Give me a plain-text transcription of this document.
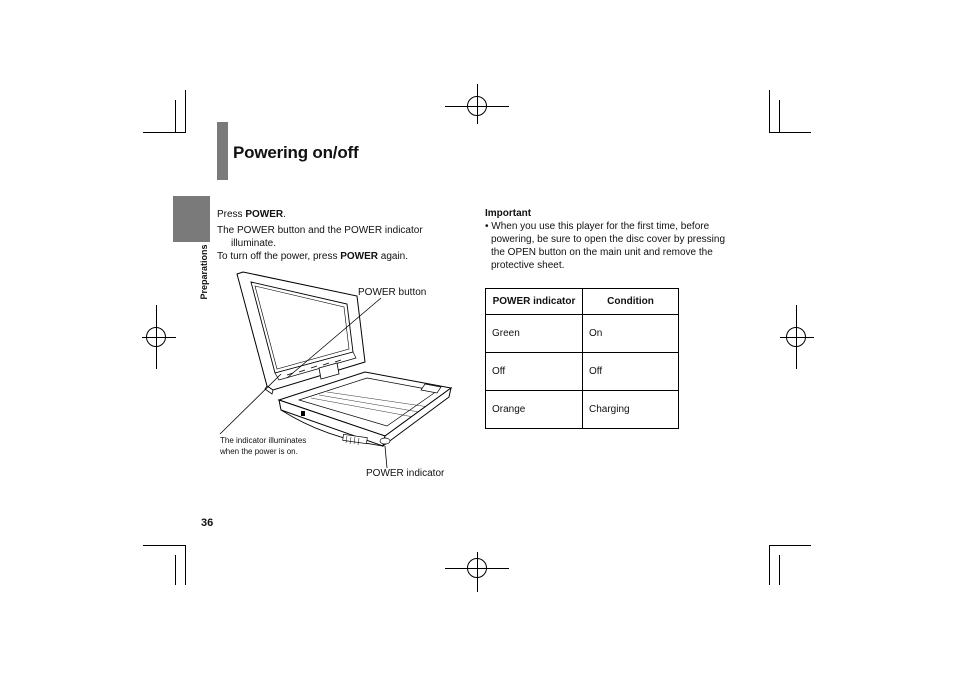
Powering on/off
Preparations
Press POWER.
The POWER button and the POWER indicator
illuminate.
To turn off the power, press POWER again.
POWER button
The indicator illuminates
when the power is on.
POWER indicator
Important
• When you use this player for the first time, before
powering, be sure to open the disc cover by pressing
the OPEN button on the main unit and remove the
protective sheet.
POWER indicator	Condition
Green	On
Off	Off
Orange	Charging
36
